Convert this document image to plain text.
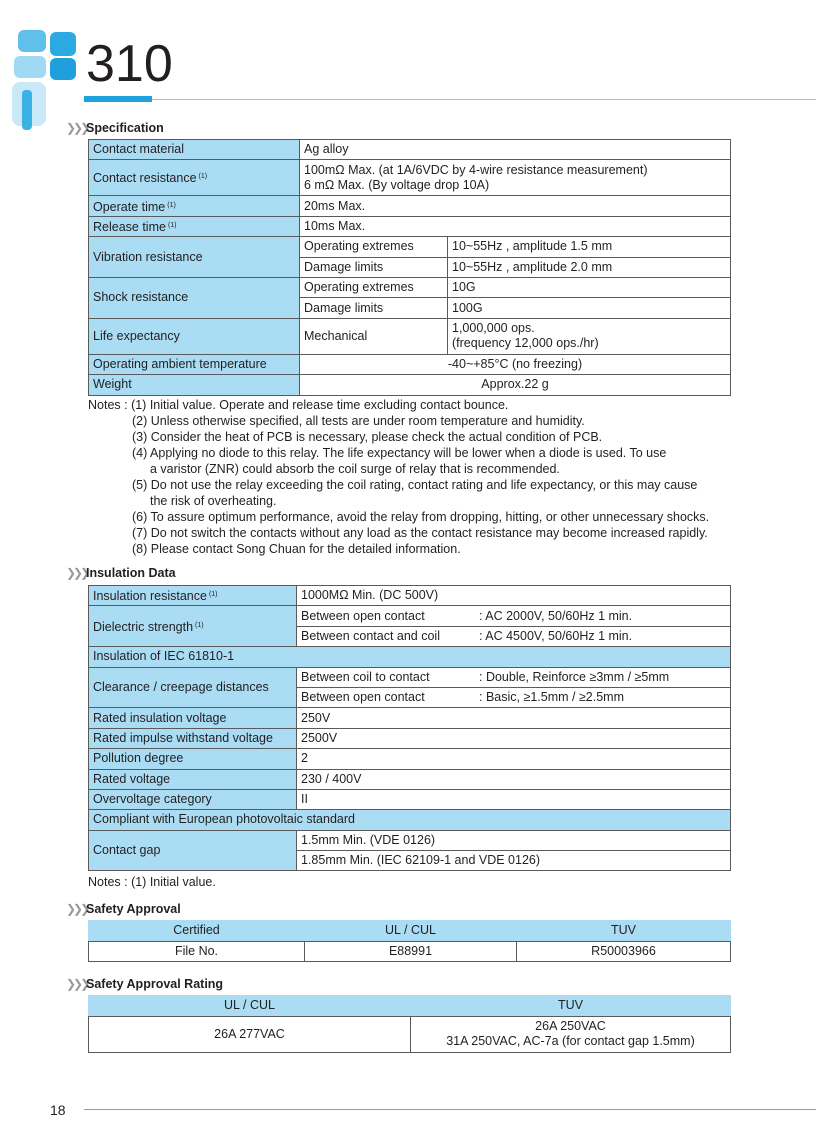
310
❯❯❯Specification
Contact material	Ag alloy	
Contact resistance $^{(1)}$	100mΩ Max. (at 1A/6VDC by 4-wire resistance measurement)
6 mΩ Max. (By voltage drop 10A)	

Operate time $^{(1)}$	20ms Max.	
Release time $^{(1)}$	10ms Max.	
Vibration resistance	Operating extremes	10~55Hz , amplitude 1.5 mm
	Damage limits	10~55Hz , amplitude 2.0 mm
Shock resistance	Operating extremes	10G
	Damage limits	100G
Life expectancy	Mechanical	1,000,000 ops.
(frequency 12,000 ops./hr)

Operating ambient temperature	-40~+85°C (no freezing)	
Weight	Approx.22 g	
Notes : (1) Initial value. Operate and release time excluding contact bounce.
(2) Unless otherwise specified, all tests are under room temperature and humidity.
(3) Consider the heat of PCB is necessary, please check the actual condition of PCB.
(4) Applying no diode to this relay. The life expectancy will be lower when a diode is used. To use
a varistor (ZNR) could absorb the coil surge of relay that is recommended.
(5) Do not use the relay exceeding the coil rating, contact rating and life expectancy, or this may cause
the risk of overheating.
(6) To assure optimum performance, avoid the relay from dropping, hitting, or other unnecessary shocks.
(7) Do not switch the contacts without any load as the contact resistance may become increased rapidly.
(8) Please contact Song Chuan for the detailed information.
❯❯❯Insulation Data
Insulation resistance $^{(1)}$	1000MΩ Min. (DC 500V)
Dielectric strength $^{(1)}$	Between open contact : AC 2000V, 50/60Hz 1 min.
	Between contact and coil : AC 4500V, 50/60Hz 1 min.
Insulation of IEC 61810-1	
Clearance / creepage distances	Between coil to contact : Double, Reinforce ≥3mm / ≥5mm
	Between open contact : Basic, ≥1.5mm / ≥2.5mm
Rated insulation voltage	250V
Rated impulse withstand voltage	2500V
Pollution degree	2
Rated voltage	230 / 400V
Overvoltage category	II
Compliant with European photovoltaic standard	
Contact gap	1.5mm Min. (VDE 0126)
	1.85mm Min. (IEC 62109-1 and VDE 0126)
Notes : (1) Initial value.
❯❯❯Safety Approval
Certified	UL / CUL	TUV
File No.	E88991	R50003966
❯❯❯Safety Approval Rating
UL / CUL	TUV
26A 277VAC	26A 250VAC
31A 250VAC, AC-7a (for contact gap 1.5mm)
18
